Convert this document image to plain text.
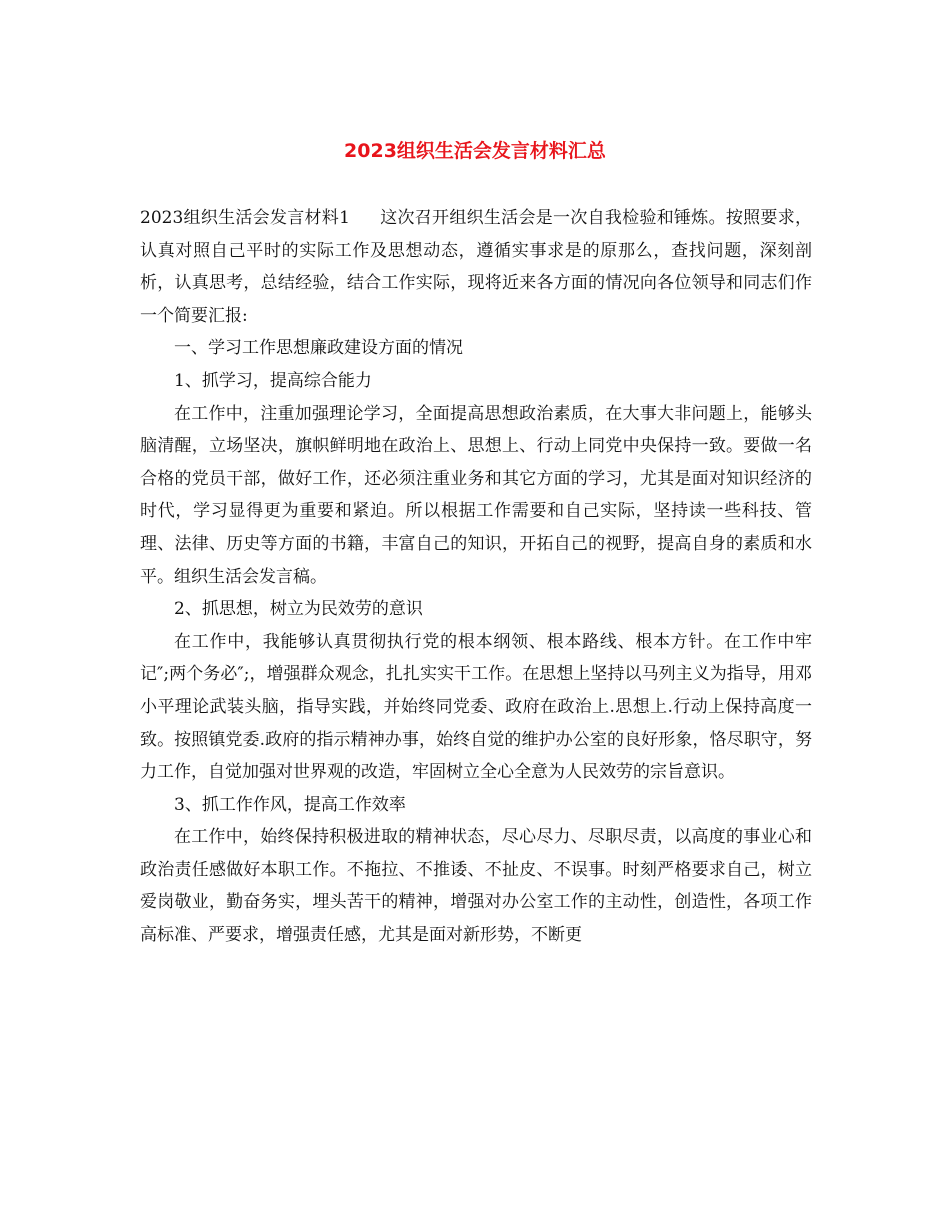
2023组织生活会发言材料汇总

2023组织生活会发言材料1 这次召开组织生活会是一次自我检验和锤炼。按照要求，认真对照自己平时的实际工作及思想动态，遵循实事求是的原那么，查找问题，深刻剖析，认真思考，总结经验，结合工作实际，现将近来各方面的情况向各位领导和同志们作一个简要汇报:

一、学习工作思想廉政建设方面的情况

1、抓学习，提高综合能力

在工作中，注重加强理论学习，全面提高思想政治素质，在大事大非问题上，能够头脑清醒，立场坚决，旗帜鲜明地在政治上、思想上、行动上同党中央保持一致。要做一名合格的党员干部，做好工作，还必须注重业务和其它方面的学习，尤其是面对知识经济的时代，学习显得更为重要和紧迫。所以根据工作需要和自己实际，坚持读一些科技、管理、法律、历史等方面的书籍，丰富自己的知识，开拓自己的视野，提高自身的素质和水平。组织生活会发言稿。

2、抓思想，树立为民效劳的意识

在工作中，我能够认真贯彻执行党的根本纲领、根本路线、根本方针。在工作中牢记″;两个务必″;，增强群众观念，扎扎实实干工作。在思想上坚持以马列主义为指导，用邓小平理论武装头脑，指导实践，并始终同党委、政府在政治上.思想上.行动上保持高度一致。按照镇党委.政府的指示精神办事，始终自觉的维护办公室的良好形象，恪尽职守，努力工作，自觉加强对世界观的改造，牢固树立全心全意为人民效劳的宗旨意识。

3、抓工作作风，提高工作效率

在工作中，始终保持积极进取的精神状态，尽心尽力、尽职尽责，以高度的事业心和政治责任感做好本职工作。不拖拉、不推诿、不扯皮、不误事。时刻严格要求自己，树立爱岗敬业，勤奋务实，埋头苦干的精神，增强对办公室工作的主动性，创造性，各项工作高标准、严要求，增强责任感，尤其是面对新形势，不断更
